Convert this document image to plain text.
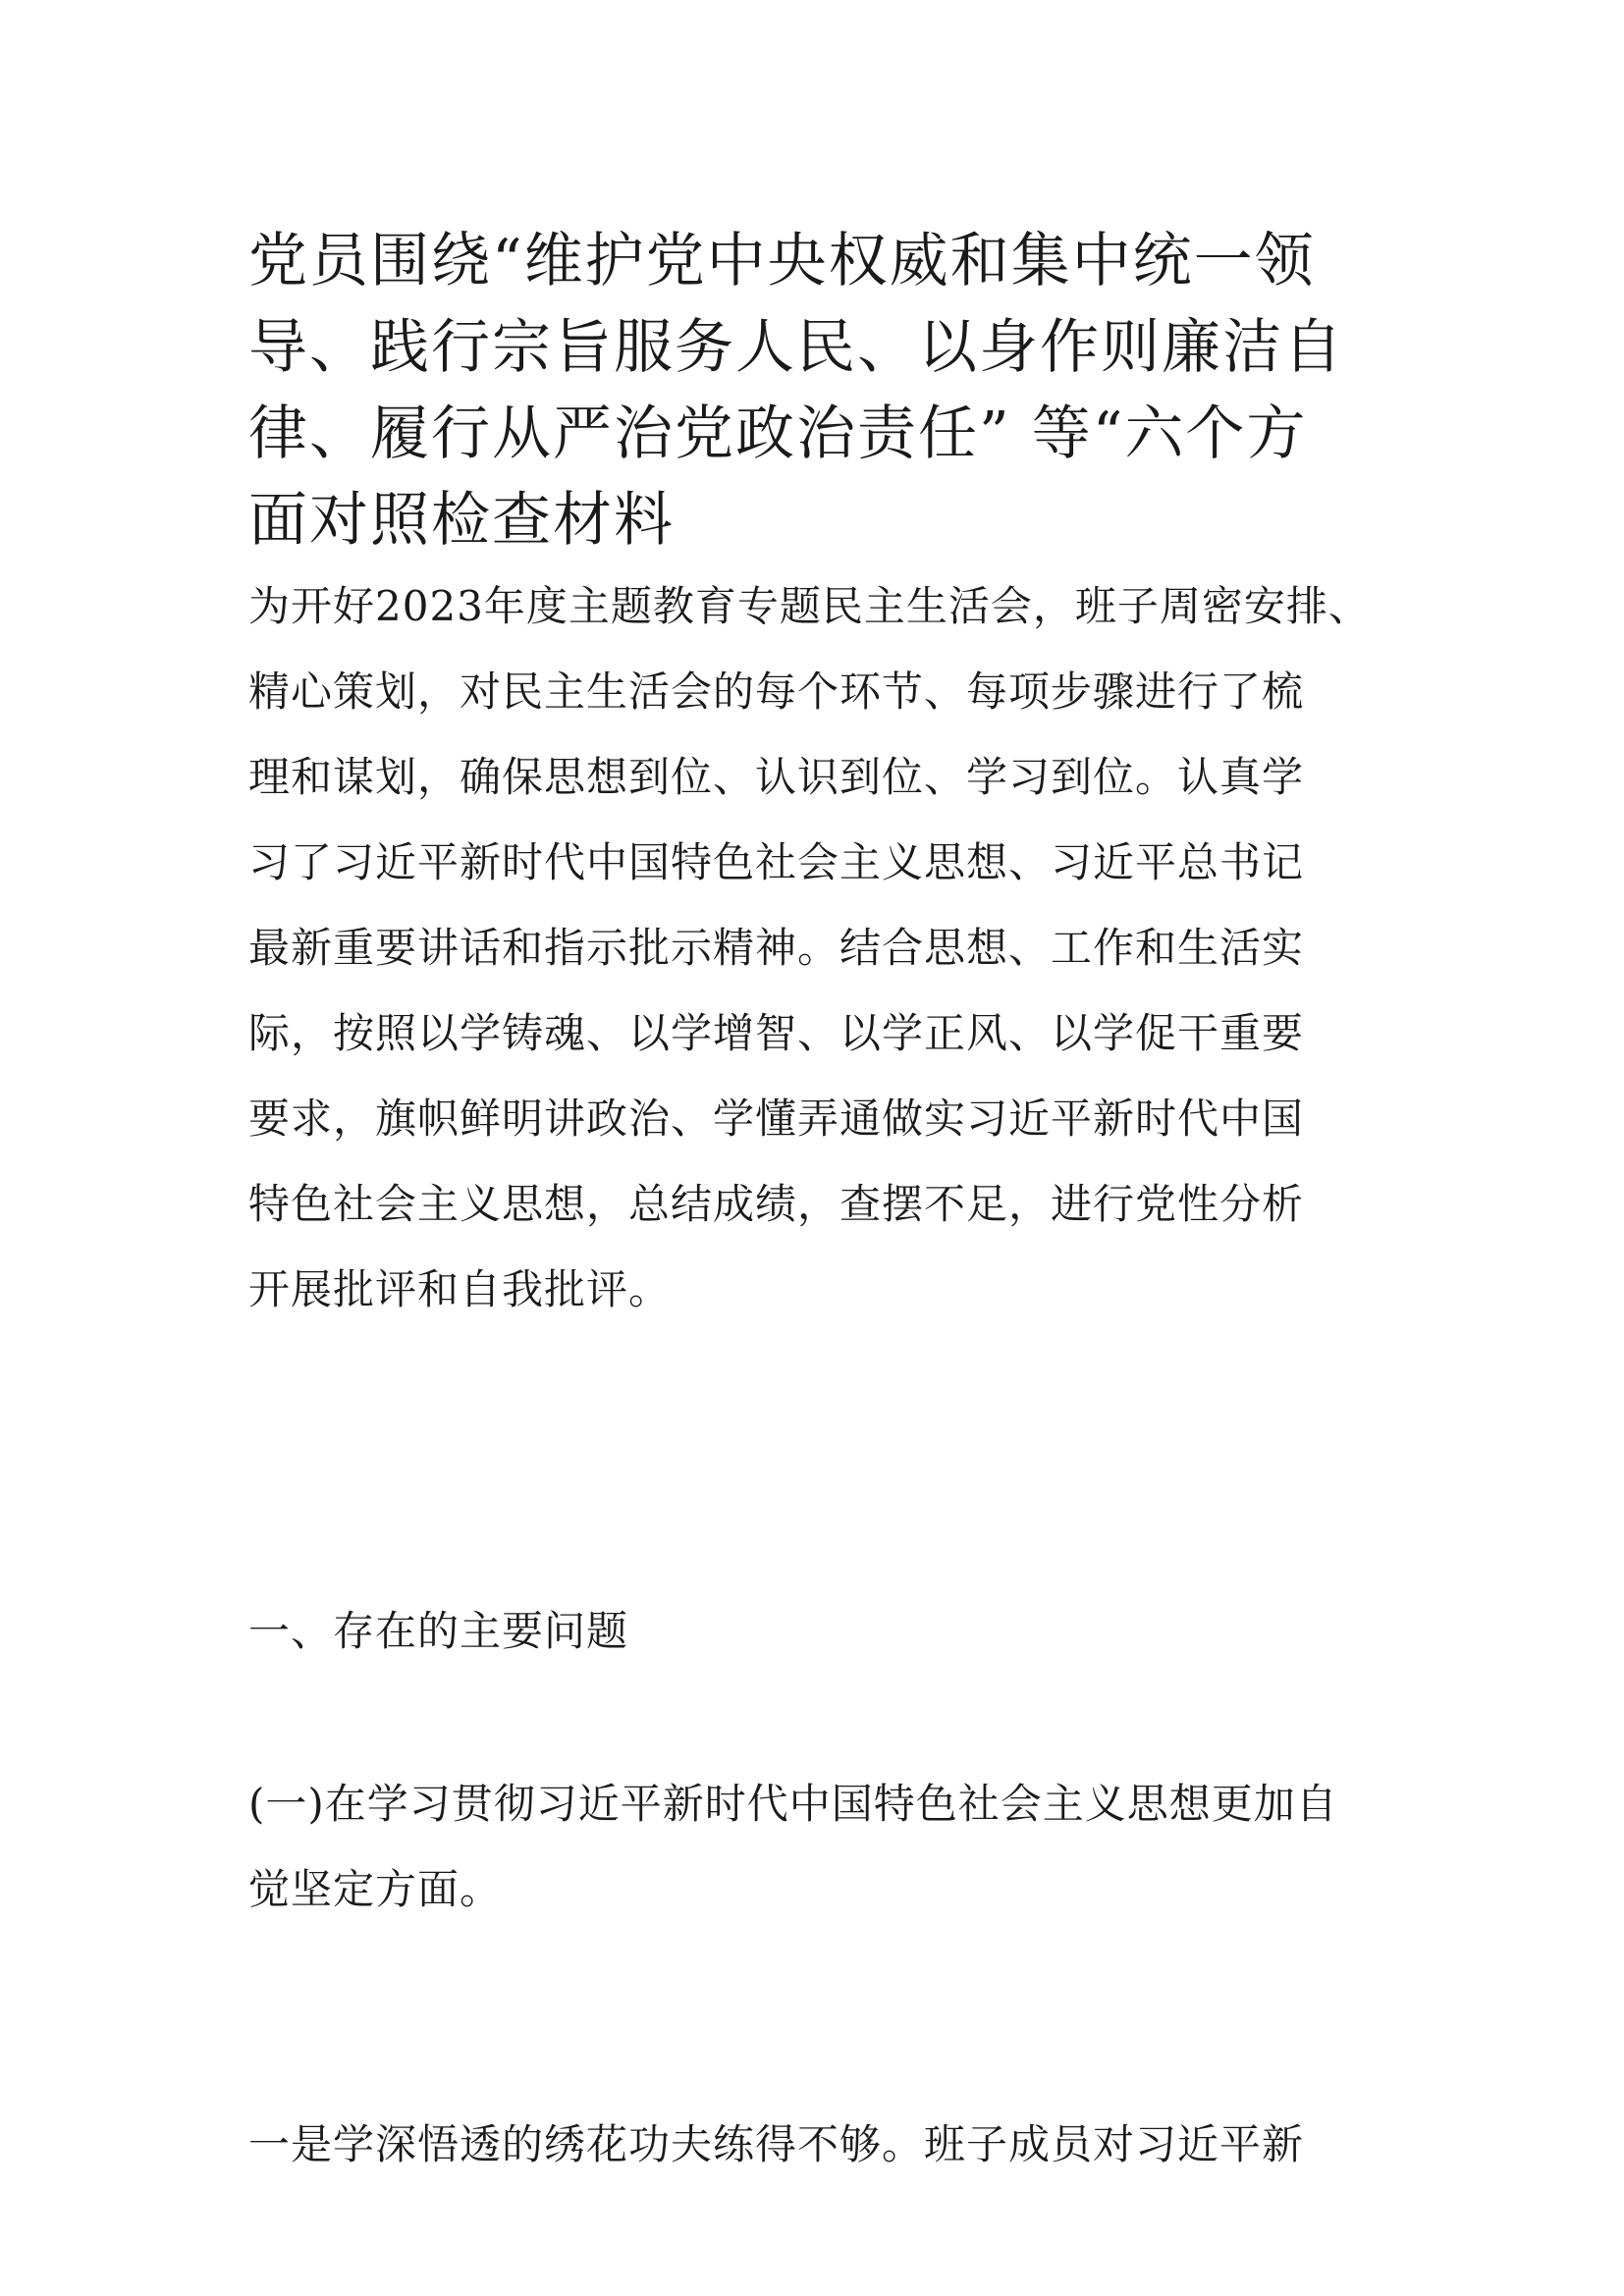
党员围绕“维护党中央权威和集中统一领
导、践行宗旨服务人民、以身作则廉洁自
律、履行从严治党政治责任” 等“六个方
面对照检查材料
为开好2023年度主题教育专题民主生活会，班子周密安排、
精心策划，对民主生活会的每个环节、每项步骤进行了梳
理和谋划，确保思想到位、认识到位、学习到位。认真学
习了习近平新时代中国特色社会主义思想、习近平总书记
最新重要讲话和指示批示精神。结合思想、工作和生活实
际，按照以学铸魂、以学增智、以学正风、以学促干重要
要求，旗帜鲜明讲政治、学懂弄通做实习近平新时代中国
特色社会主义思想，总结成绩，查摆不足，进行党性分析
开展批评和自我批评。
一、存在的主要问题
(一)在学习贯彻习近平新时代中国特色社会主义思想更加自
觉坚定方面。
一是学深悟透的绣花功夫练得不够。班子成员对习近平新
